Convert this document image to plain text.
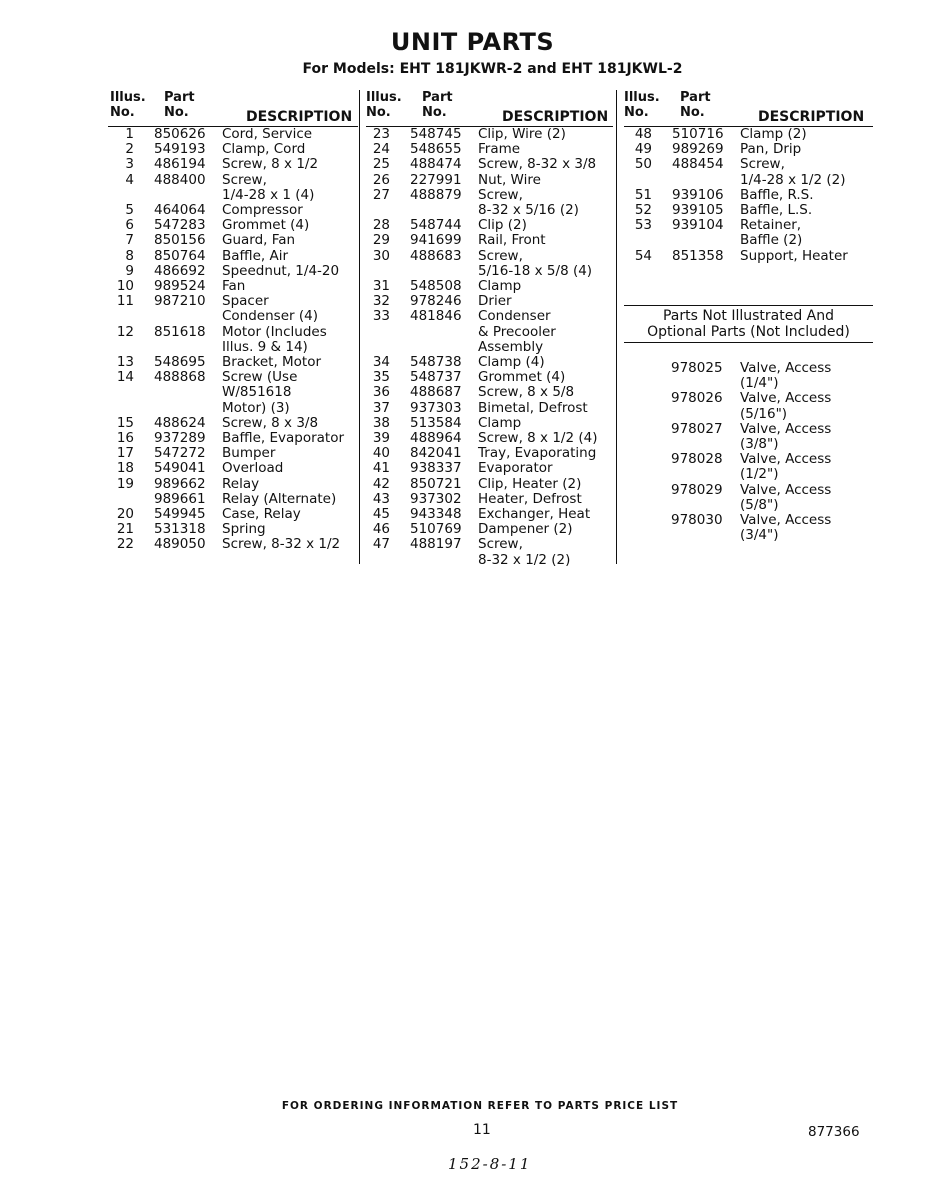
UNIT PARTS
For Models: EHT 181JKWR-2 and EHT 181JKWL-2
Illus.
No.
Part
No.	DESCRIPTION
1 850626 Cord, Service
2 549193 Clamp, Cord
3 486194 Screw, 8 x 1/2
4 488400 Screw,
1/4-28 x 1 (4)
5 464064 Compressor
6 547283 Grommet (4)
7 850156 Guard, Fan
8 850764 Baffle, Air
9 486692 Speednut, 1/4-20
10 989524 Fan
11 987210 Spacer
Condenser (4)
12 851618 Motor (Includes
Illus. 9 & 14)
13 548695 Bracket, Motor
14 488868 Screw (Use
W/851618
Motor) (3)
15 488624 Screw, 8 x 3/8
16 937289 Baffle, Evaporator
17 547272 Bumper
18 549041 Overload
19 989662 Relay
989661 Relay (Alternate)
20 549945 Case, Relay
21 531318 Spring
22 489050 Screw, 8-32 x 1/2
Illus.
No.
Part
No.	DESCRIPTION
23 548745 Clip, Wire (2)
24 548655 Frame
25 488474 Screw, 8-32 x 3/8
26 227991 Nut, Wire
27 488879 Screw,
8-32 x 5/16 (2)
28 548744 Clip (2)
29 941699 Rail, Front
30 488683 Screw,
5/16-18 x 5/8 (4)
31 548508 Clamp
32 978246 Drier
33 481846 Condenser
& Precooler
Assembly
34 548738 Clamp (4)
35 548737 Grommet (4)
36 488687 Screw, 8 x 5/8
37 937303 Bimetal, Defrost
38 513584 Clamp
39 488964 Screw, 8 x 1/2 (4)
40 842041 Tray, Evaporating
41 938337 Evaporator
42 850721 Clip, Heater (2)
43 937302 Heater, Defrost
45 943348 Exchanger, Heat
46 510769 Dampener (2)
47 488197 Screw,
8-32 x 1/2 (2)
Illus.
No.
Part
No.	DESCRIPTION
48 510716 Clamp (2)
49 989269 Pan, Drip
50 488454 Screw,
1/4-28 x 1/2 (2)
51 939106 Baffle, R.S.
52 939105 Baffle, L.S.
53 939104 Retainer,
Baffle (2)
54 851358 Support, Heater
Parts Not Illustrated And
Optional Parts (Not Included)
978025 Valve, Access
(1/4")
978026 Valve, Access
(5/16")
978027 Valve, Access
(3/8")
978028 Valve, Access
(1/2")
978029 Valve, Access
(5/8")
978030 Valve, Access
(3/4")
FOR ORDERING INFORMATION REFER TO PARTS PRICE LIST
11	877366
152-8-11
